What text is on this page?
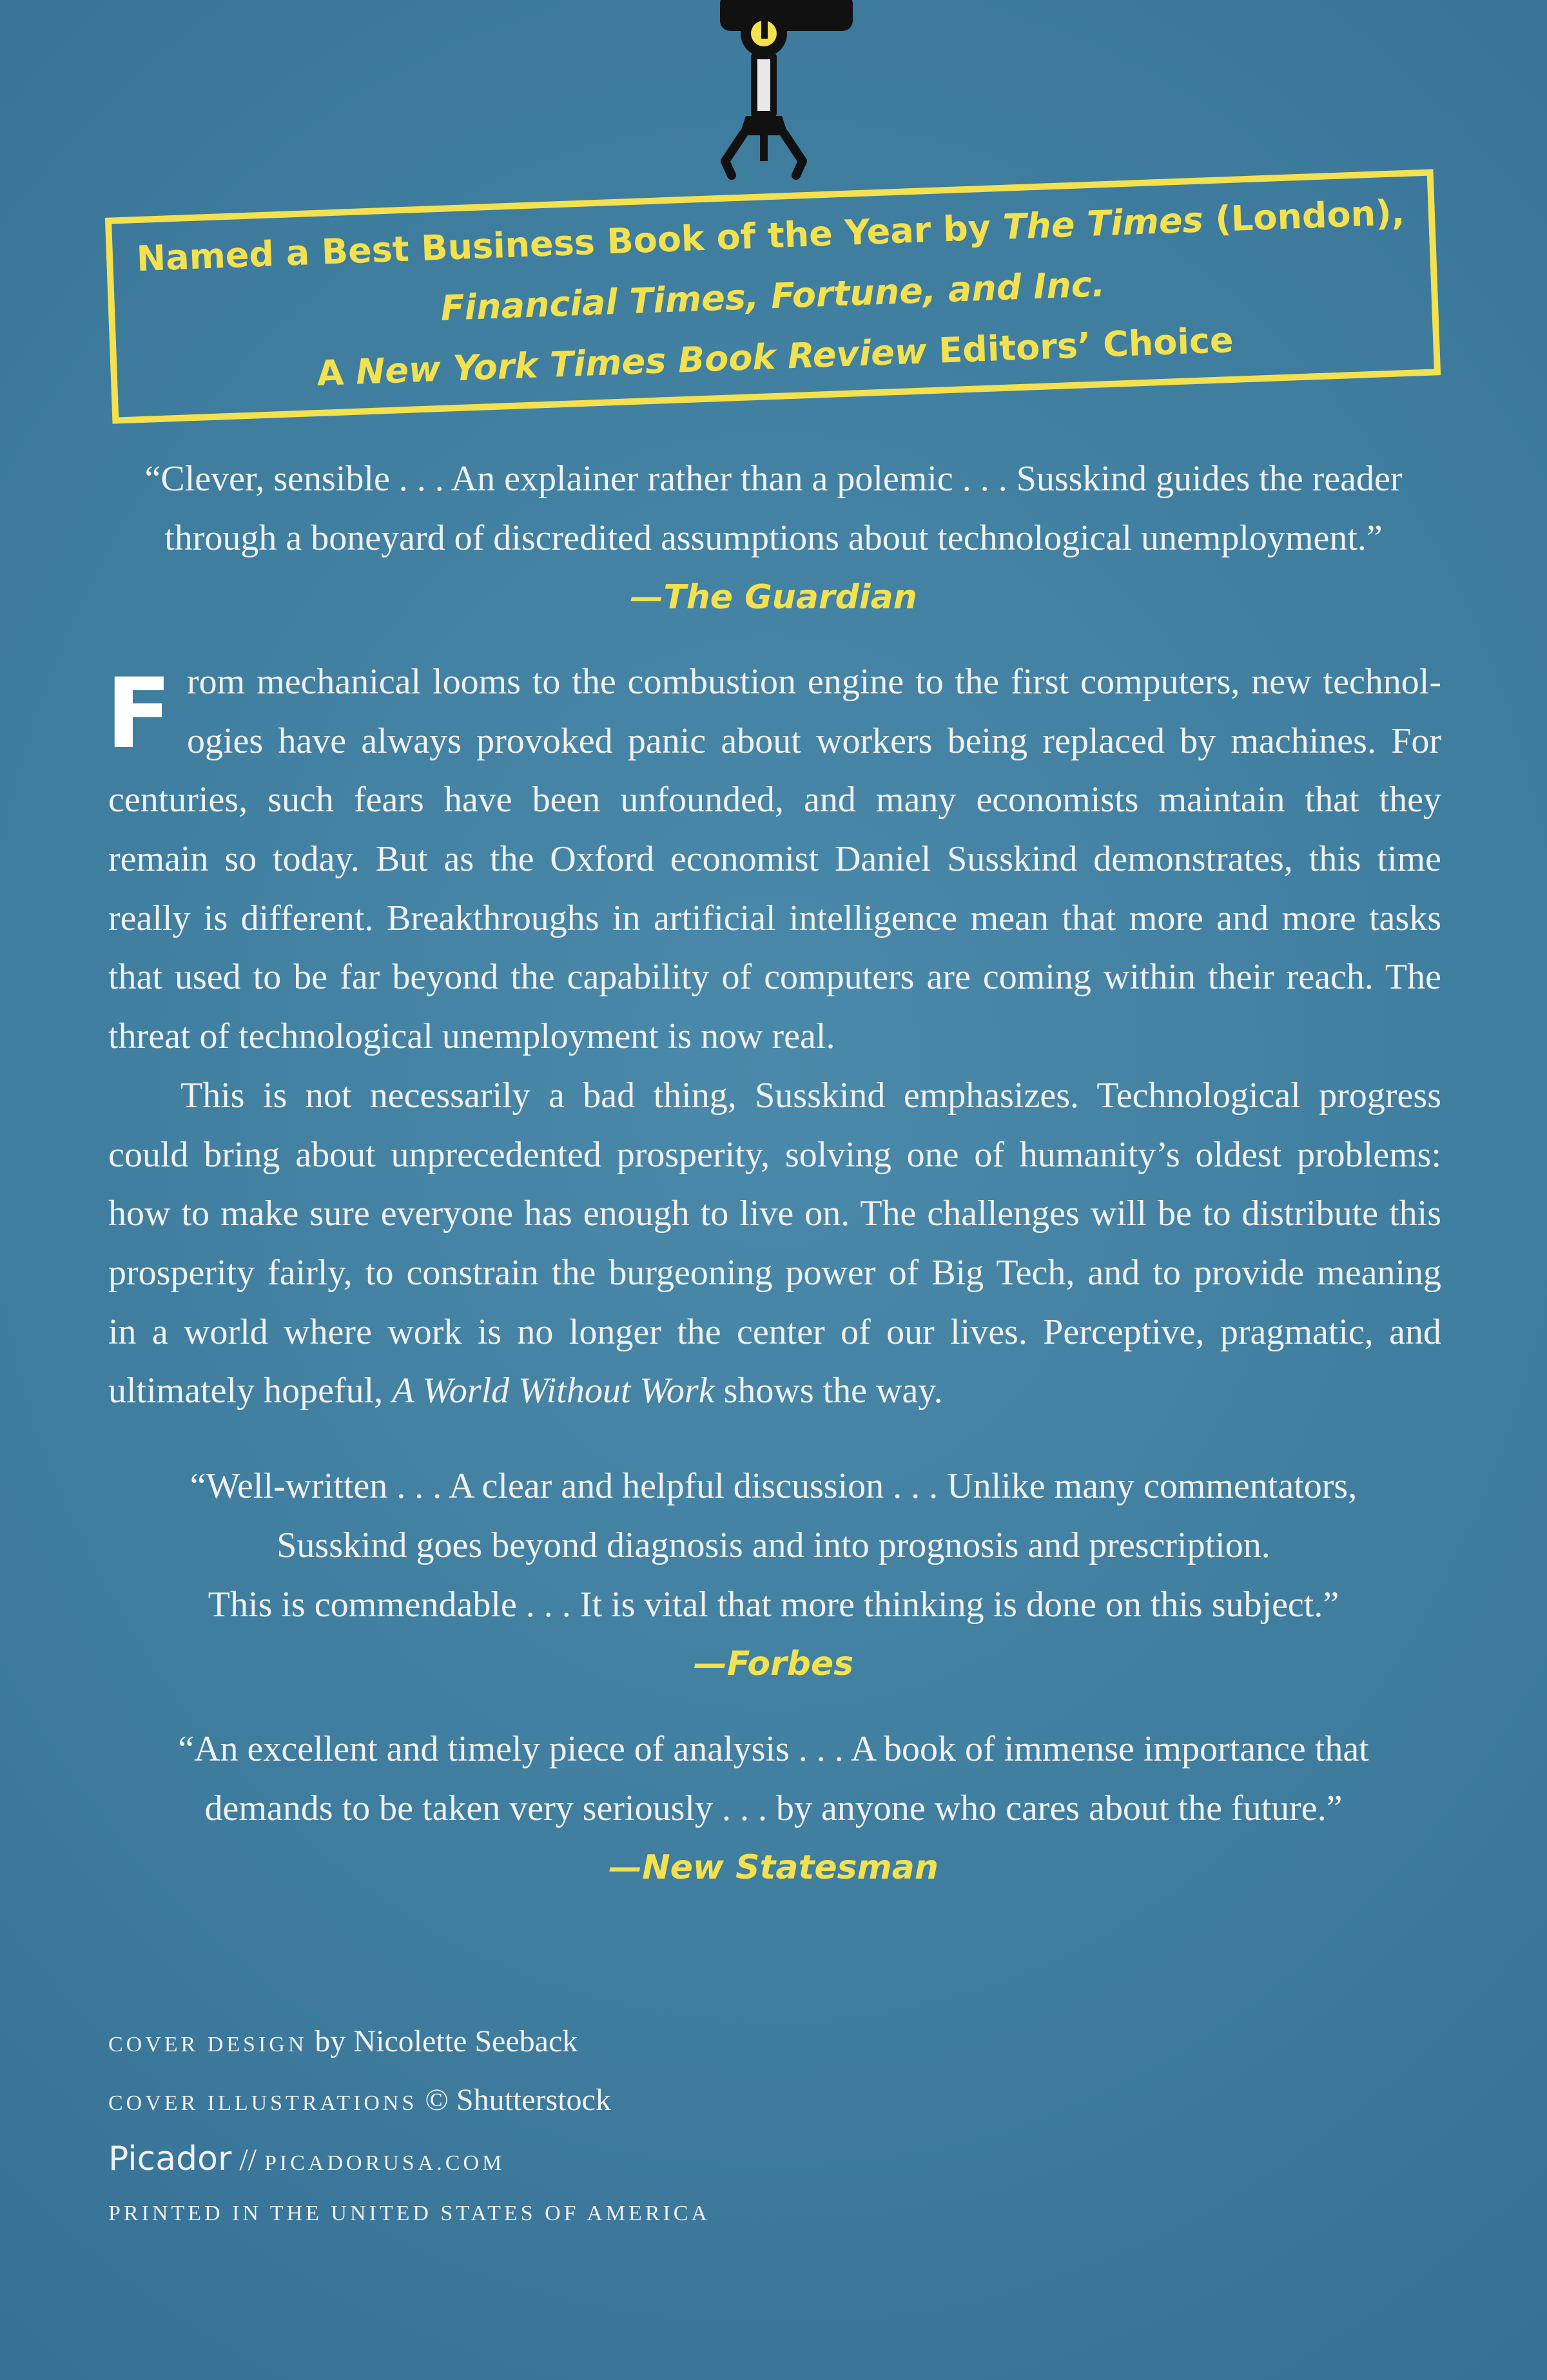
Named a Best Business Book of the Year by The Times (London),
Financial Times, Fortune, and Inc.
A New York Times Book Review Editors’ Choice
“Clever, sensible . . . An explainer rather than a polemic . . . Susskind guides the reader
through a boneyard of discredited assumptions about technological unemployment.”
—The Guardian
F rom mechanical looms to the combustion engine to the first computers, new technol-
ogies have always provoked panic about workers being replaced by machines. For
centuries, such fears have been unfounded, and many economists maintain that they
remain so today. But as the Oxford economist Daniel Susskind demonstrates, this time
really is different. Breakthroughs in artificial intelligence mean that more and more tasks
that used to be far beyond the capability of computers are coming within their reach. The
threat of technological unemployment is now real.
This is not necessarily a bad thing, Susskind emphasizes. Technological progress
could bring about unprecedented prosperity, solving one of humanity’s oldest problems:
how to make sure everyone has enough to live on. The challenges will be to distribute this
prosperity fairly, to constrain the burgeoning power of Big Tech, and to provide meaning
in a world where work is no longer the center of our lives. Perceptive, pragmatic, and
ultimately hopeful, A World Without Work shows the way.
“Well-written . . . A clear and helpful discussion . . . Unlike many commentators,
Susskind goes beyond diagnosis and into prognosis and prescription.
This is commendable . . . It is vital that more thinking is done on this subject.”
—Forbes
“An excellent and timely piece of analysis . . . A book of immense importance that
demands to be taken very seriously . . . by anyone who cares about the future.”
—New Statesman
COVER DESIGN by Nicolette Seeback
COVER ILLUSTRATIONS © Shutterstock
Picador // PICADORUSA.COM
PRINTED IN THE UNITED STATES OF AMERICA
